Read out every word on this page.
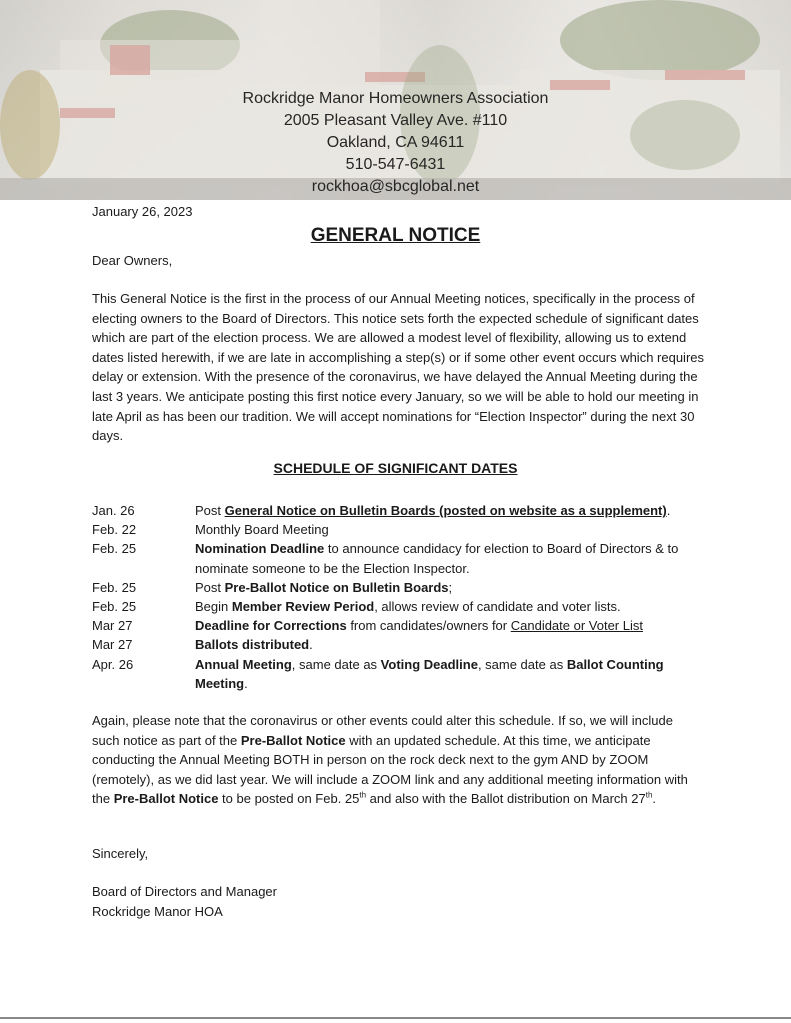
Rockridge Manor Homeowners Association
2005 Pleasant Valley Ave. #110
Oakland, CA 94611
510-547-6431
rockhoa@sbcglobal.net
January 26, 2023
GENERAL NOTICE
Dear Owners,
This General Notice is the first in the process of our Annual Meeting notices, specifically in the process of electing owners to the Board of Directors. This notice sets forth the expected schedule of significant dates which are part of the election process. We are allowed a modest level of flexibility, allowing us to extend dates listed herewith, if we are late in accomplishing a step(s) or if some other event occurs which requires delay or extension. With the presence of the coronavirus, we have delayed the Annual Meeting during the last 3 years. We anticipate posting this first notice every January, so we will be able to hold our meeting in late April as has been our tradition. We will accept nominations for “Election Inspector” during the next 30 days.
SCHEDULE OF SIGNIFICANT DATES
Jan. 26	Post General Notice on Bulletin Boards (posted on website as a supplement).
Feb. 22	Monthly Board Meeting
Feb. 25	Nomination Deadline to announce candidacy for election to Board of Directors & to nominate someone to be the Election Inspector.
Feb. 25	Post Pre-Ballot Notice on Bulletin Boards;
Feb. 25	Begin Member Review Period, allows review of candidate and voter lists.
Mar 27	Deadline for Corrections from candidates/owners for Candidate or Voter List
Mar 27	Ballots distributed.
Apr. 26	Annual Meeting, same date as Voting Deadline, same date as Ballot Counting Meeting.
Again, please note that the coronavirus or other events could alter this schedule. If so, we will include such notice as part of the Pre-Ballot Notice with an updated schedule. At this time, we anticipate conducting the Annual Meeting BOTH in person on the rock deck next to the gym AND by ZOOM (remotely), as we did last year. We will include a ZOOM link and any additional meeting information with the Pre-Ballot Notice to be posted on Feb. 25th and also with the Ballot distribution on March 27th.
Sincerely,
Board of Directors and Manager
Rockridge Manor HOA
